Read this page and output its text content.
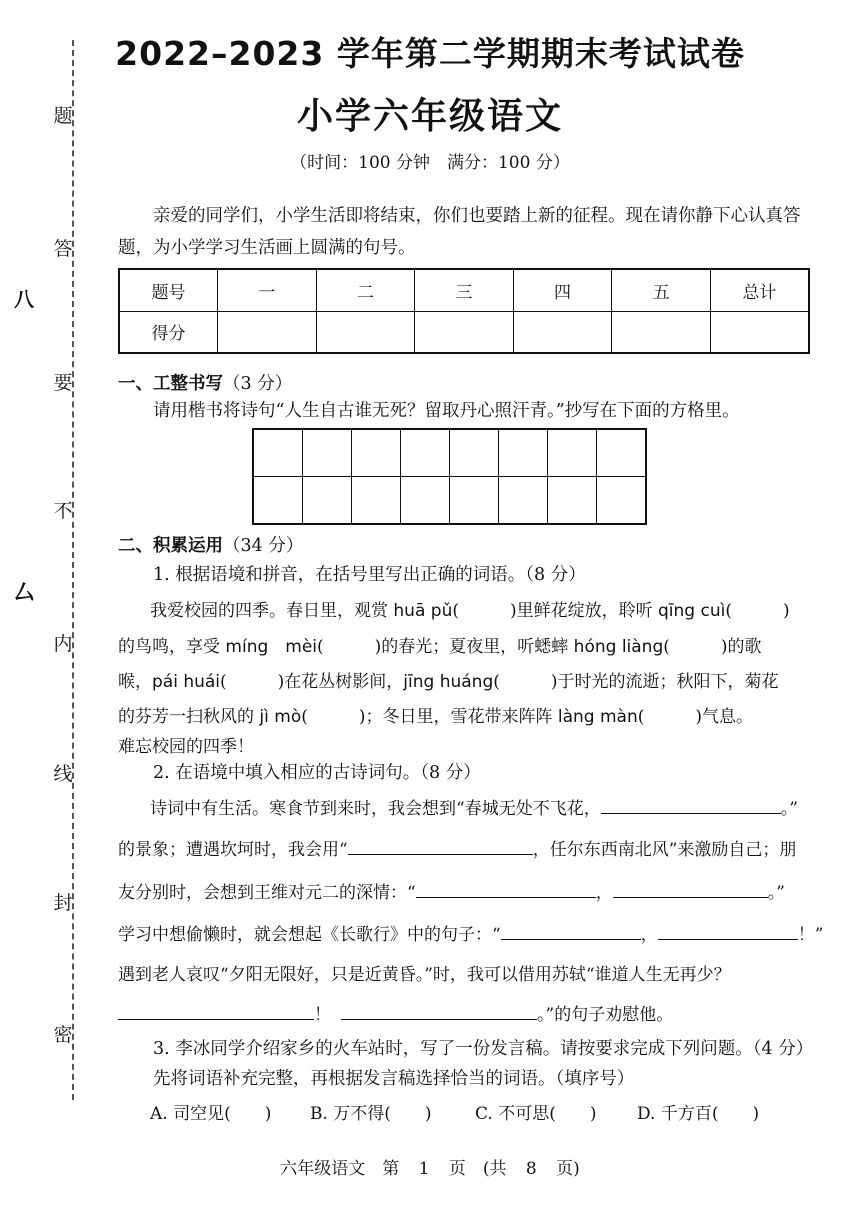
题
答
要
不
内
线
封
密
八
厶
2022–2023 学年第二学期期末考试试卷
小学六年级语文
（时间：100 分钟　满分：100 分）
亲爱的同学们，小学生活即将结束，你们也要踏上新的征程。现在请你静下心认真答题，为小学学习生活画上圆满的句号。
题号	一	二	三	四	五	总计
得分						
一、工整书写（3 分）
请用楷书将诗句“人生自古谁无死？留取丹心照汗青。”抄写在下面的方格里。

二、积累运用（34 分）
1. 根据语境和拼音，在括号里写出正确的词语。（8 分）
我爱校园的四季。春日里，观赏 huā pǔ(　　　)里鲜花绽放，聆听 qīng cuì(　　　)
的鸟鸣，享受 míng　mèi(　　　)的春光；夏夜里，听蟋蟀 hóng liàng(　　　)的歌
喉，pái huái(　　　)在花丛树影间，jīng huáng(　　　)于时光的流逝；秋阳下，菊花
的芬芳一扫秋风的 jì mò(　　　)；冬日里，雪花带来阵阵 làng màn(　　　)气息。
难忘校园的四季！
2. 在语境中填入相应的古诗词句。（8 分）
诗词中有生活。寒食节到来时，我会想到“春城无处不飞花，	。”
的景象；遭遇坎坷时，我会用“	，任尔东西南北风”来激励自己；朋
友分别时，会想到王维对元二的深情：“	，	。”
学习中想偷懒时，就会想起《长歌行》中的句子：“	，	！”
遇到老人哀叹“夕阳无限好，只是近黄昏。”时，我可以借用苏轼“谁道人生无再少？
！	。”的句子劝慰他。
3. 李冰同学介绍家乡的火车站时，写了一份发言稿。请按要求完成下列问题。（4 分）
先将词语补充完整，再根据发言稿选择恰当的词语。（填序号）
A. 司空见(　　) B. 万不得(　　)	C. 不可思(　　) D. 千方百(　　)
六年级语文　第 1 页　(共 8 页)
